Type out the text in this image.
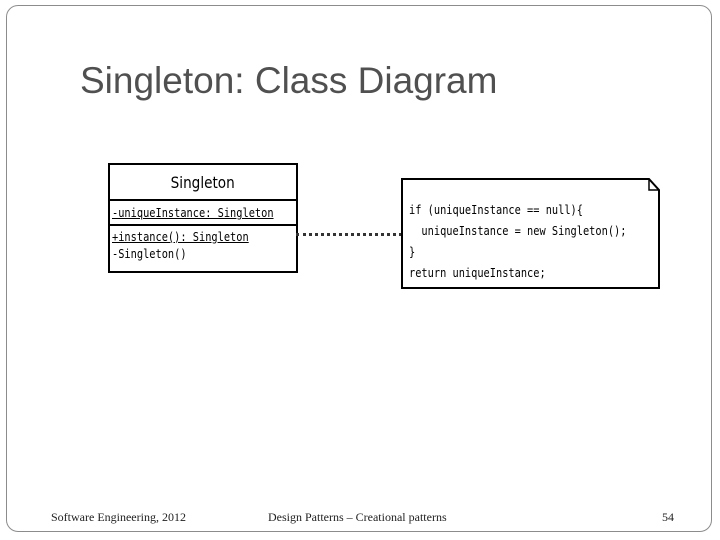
Singleton: Class Diagram
Singleton
-uniqueInstance: Singleton
+instance(): Singleton
-Singleton()
if (uniqueInstance == null){
uniqueInstance = new Singleton();
}
return uniqueInstance;
Software Engineering, 2012	Design Patterns – Creational patterns	54
